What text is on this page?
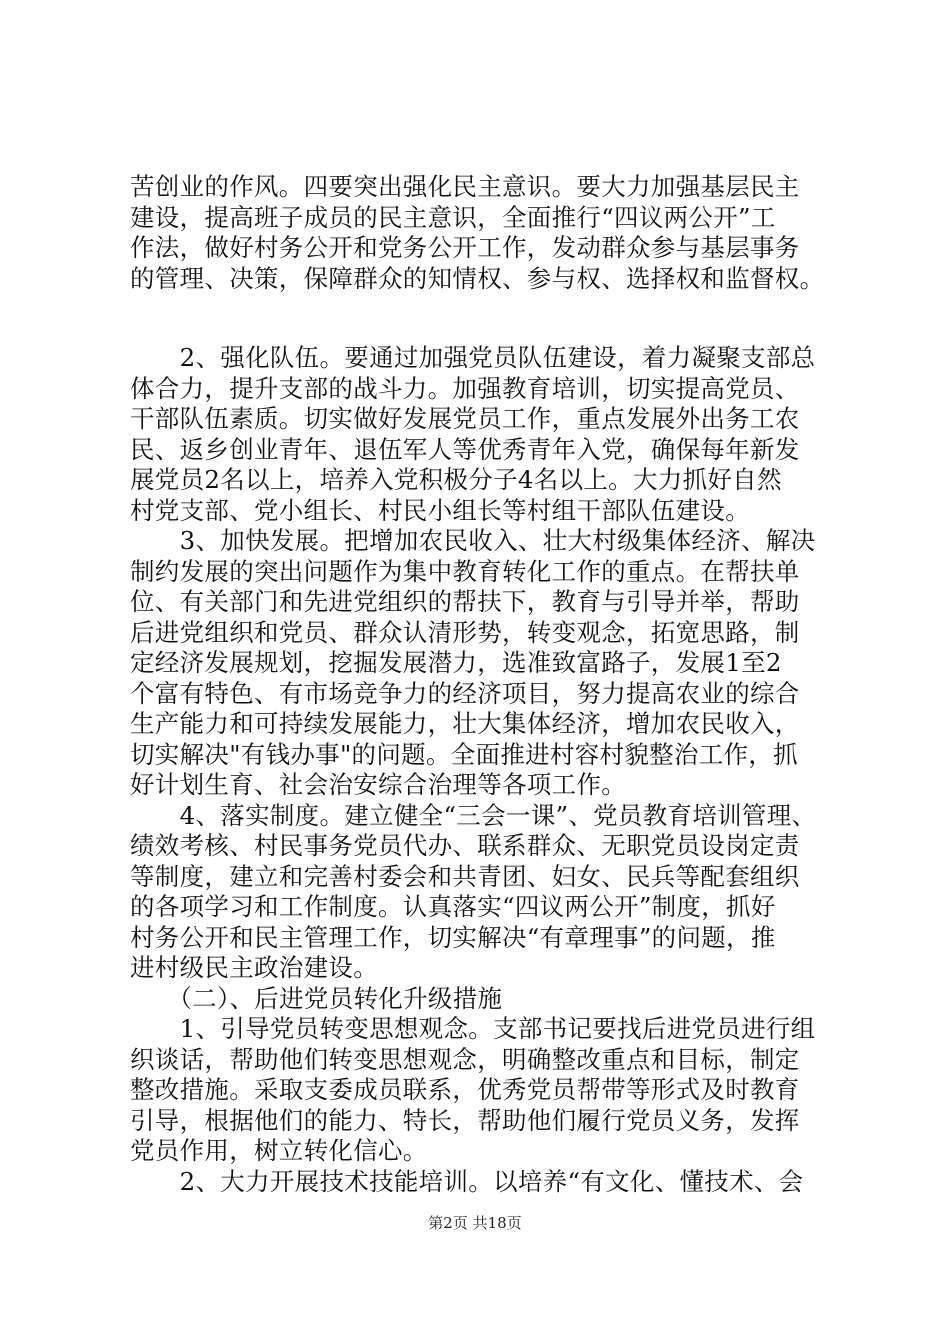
苦创业的作风。四要突出强化民主意识。要大力加强基层民主
建设，提高班子成员的民主意识，全面推行“四议两公开”工
作法，做好村务公开和党务公开工作，发动群众参与基层事务
的管理、决策，保障群众的知情权、参与权、选择权和监督权。
　　2、强化队伍。要通过加强党员队伍建设，着力凝聚支部总
体合力，提升支部的战斗力。加强教育培训，切实提高党员、
干部队伍素质。切实做好发展党员工作，重点发展外出务工农
民、返乡创业青年、退伍军人等优秀青年入党，确保每年新发
展党员2名以上，培养入党积极分子4名以上。大力抓好自然
村党支部、党小组长、村民小组长等村组干部队伍建设。
　　3、加快发展。把增加农民收入、壮大村级集体经济、解决
制约发展的突出问题作为集中教育转化工作的重点。在帮扶单
位、有关部门和先进党组织的帮扶下，教育与引导并举，帮助
后进党组织和党员、群众认清形势，转变观念，拓宽思路，制
定经济发展规划，挖掘发展潜力，选准致富路子，发展1至2
个富有特色、有市场竞争力的经济项目，努力提高农业的综合
生产能力和可持续发展能力，壮大集体经济，增加农民收入，
切实解决"有钱办事"的问题。全面推进村容村貌整治工作，抓
好计划生育、社会治安综合治理等各项工作。
　　4、落实制度。建立健全“三会一课”、党员教育培训管理、
绩效考核、村民事务党员代办、联系群众、无职党员设岗定责
等制度，建立和完善村委会和共青团、妇女、民兵等配套组织
的各项学习和工作制度。认真落实“四议两公开”制度，抓好
村务公开和民主管理工作，切实解决“有章理事”的问题，推
进村级民主政治建设。
　　（二）、后进党员转化升级措施
　　1、引导党员转变思想观念。支部书记要找后进党员进行组
织谈话，帮助他们转变思想观念，明确整改重点和目标，制定
整改措施。采取支委成员联系，优秀党员帮带等形式及时教育
引导，根据他们的能力、特长，帮助他们履行党员义务，发挥
党员作用，树立转化信心。
　　2、大力开展技术技能培训。以培养“有文化、懂技术、会
第2页 共18页
